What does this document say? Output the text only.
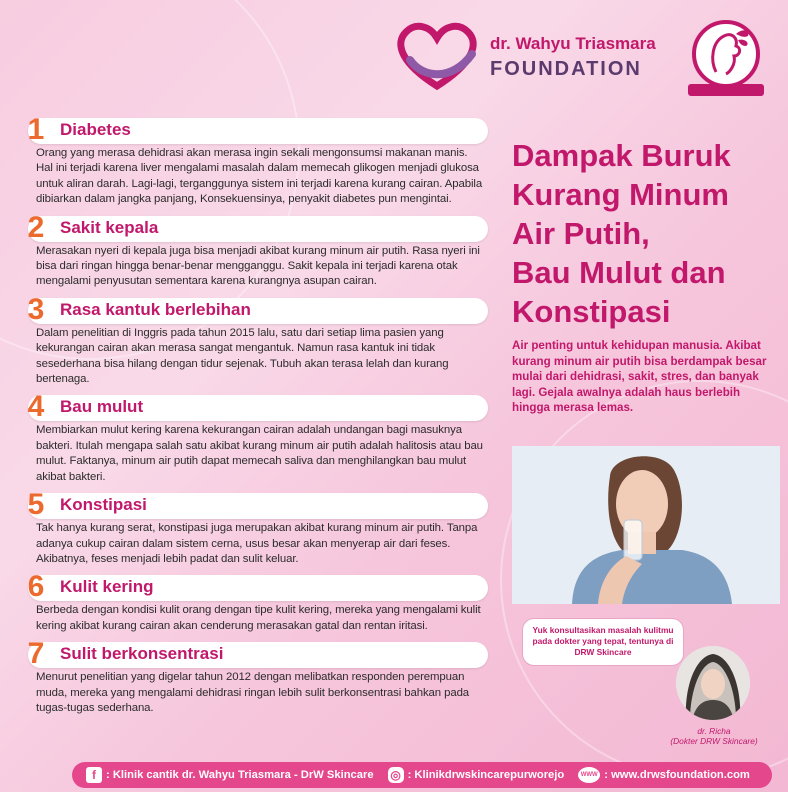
dr. Wahyu Triasmara
FOUNDATION
1 Diabetes
Orang yang merasa dehidrasi akan merasa ingin sekali mengonsumsi makanan manis. Hal ini terjadi karena liver mengalami masalah dalam memecah glikogen menjadi glukosa untuk aliran darah. Lagi-lagi, terganggunya sistem ini terjadi karena kurang cairan. Apabila dibiarkan dalam jangka panjang, Konsekuensinya, penyakit diabetes pun mengintai.
2 Sakit kepala
Merasakan nyeri di kepala juga bisa menjadi akibat kurang minum air putih. Rasa nyeri ini bisa dari ringan hingga benar-benar mengganggu. Sakit kepala ini terjadi karena otak mengalami penyusutan sementara karena kurangnya asupan cairan.
3 Rasa kantuk berlebihan
Dalam penelitian di Inggris pada tahun 2015 lalu, satu dari setiap lima pasien yang kekurangan cairan akan merasa sangat mengantuk. Namun rasa kantuk ini tidak sesederhana bisa hilang dengan tidur sejenak. Tubuh akan terasa lelah dan kurang bertenaga.
4 Bau mulut
Membiarkan mulut kering karena kekurangan cairan adalah undangan bagi masuknya bakteri. Itulah mengapa salah satu akibat kurang minum air putih adalah halitosis atau bau mulut. Faktanya, minum air putih dapat memecah saliva dan menghilangkan bau mulut akibat bakteri.
5 Konstipasi
Tak hanya kurang serat, konstipasi juga merupakan akibat kurang minum air putih. Tanpa adanya cukup cairan dalam sistem cerna, usus besar akan menyerap air dari feses. Akibatnya, feses menjadi lebih padat dan sulit keluar.
6 Kulit kering
Berbeda dengan kondisi kulit orang dengan tipe kulit kering, mereka yang mengalami kulit kering akibat kurang cairan akan cenderung merasakan gatal dan rentan iritasi.
7 Sulit berkonsentrasi
Menurut penelitian yang digelar tahun 2012 dengan melibatkan responden perempuan muda, mereka yang mengalami dehidrasi ringan lebih sulit berkonsentrasi bahkan pada tugas-tugas sederhana.
Dampak Buruk
Kurang Minum
Air Putih,
Bau Mulut dan
Konstipasi
Air penting untuk kehidupan manusia. Akibat kurang minum air putih bisa berdampak besar mulai dari dehidrasi, sakit, stres, dan banyak lagi. Gejala awalnya adalah haus berlebih hingga merasa lemas.
Yuk konsultasikan masalah kulitmu pada dokter yang tepat, tentunya di DRW Skincare
dr. Richa
(Dokter DRW Skincare)
f : Klinik cantik dr. Wahyu Triasmara - DrW Skincare ◎ : Klinikdrwskincarepurworejo	WWW : www.drwsfoundation.com
